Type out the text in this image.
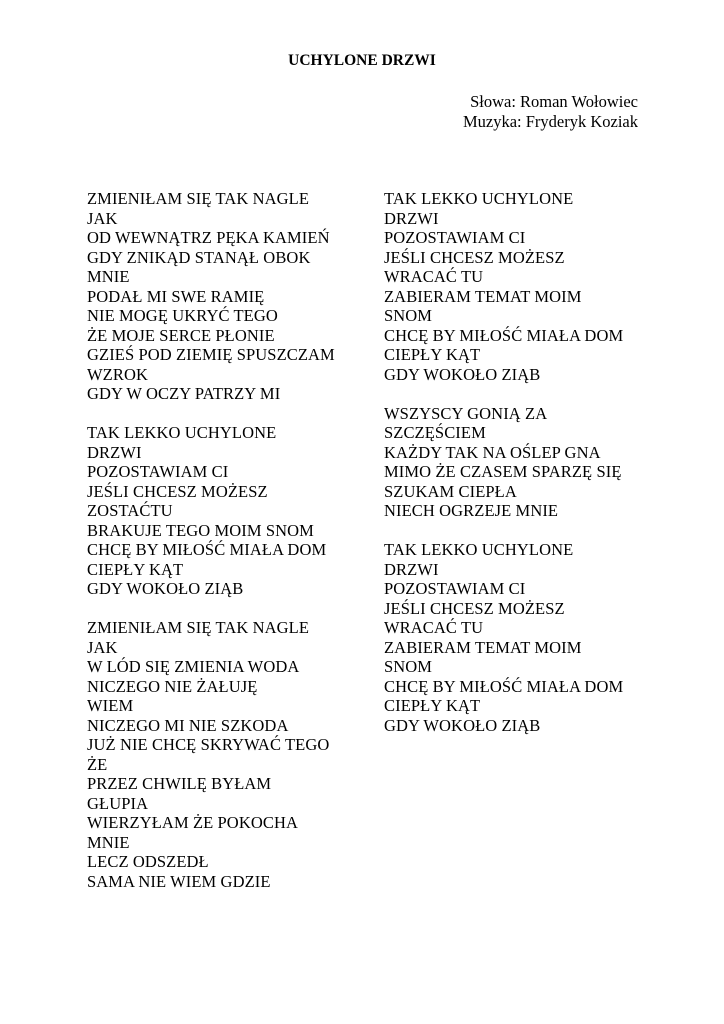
UCHYLONE DRZWI
Słowa: Roman Wołowiec
Muzyka: Fryderyk Koziak
ZMIENIŁAM SIĘ TAK NAGLE
JAK
OD WEWNĄTRZ PĘKA KAMIEŃ
GDY ZNIKĄD STANĄŁ OBOK
MNIE
PODAŁ MI SWE RAMIĘ
NIE MOGĘ UKRYĆ TEGO
ŻE MOJE SERCE PŁONIE
GZIEŚ POD ZIEMIĘ SPUSZCZAM
WZROK
GDY W OCZY PATRZY MI
TAK LEKKO UCHYLONE
DRZWI
POZOSTAWIAM CI
JEŚLI CHCESZ MOŻESZ
ZOSTAĆTU
BRAKUJE TEGO MOIM SNOM
CHCĘ BY MIŁOŚĆ MIAŁA DOM
CIEPŁY KĄT
GDY WOKOŁO ZIĄB
ZMIENIŁAM SIĘ TAK NAGLE
JAK
W LÓD SIĘ ZMIENIA WODA
NICZEGO NIE ŻAŁUJĘ
WIEM
NICZEGO MI NIE SZKODA
JUŻ NIE CHCĘ SKRYWAĆ TEGO
ŻE
PRZEZ CHWILĘ BYŁAM
GŁUPIA
WIERZYŁAM ŻE POKOCHA
MNIE
LECZ ODSZEDŁ
SAMA NIE WIEM GDZIE
TAK LEKKO UCHYLONE
DRZWI
POZOSTAWIAM CI
JEŚLI CHCESZ MOŻESZ
WRACAĆ TU
ZABIERAM TEMAT MOIM
SNOM
CHCĘ BY MIŁOŚĆ MIAŁA DOM
CIEPŁY KĄT
GDY WOKOŁO ZIĄB
WSZYSCY GONIĄ ZA
SZCZĘŚCIEM
KAŻDY TAK NA OŚLEP GNA
MIMO ŻE CZASEM SPARZĘ SIĘ
SZUKAM CIEPŁA
NIECH OGRZEJE MNIE
TAK LEKKO UCHYLONE
DRZWI
POZOSTAWIAM CI
JEŚLI CHCESZ MOŻESZ
WRACAĆ TU
ZABIERAM TEMAT MOIM
SNOM
CHCĘ BY MIŁOŚĆ MIAŁA DOM
CIEPŁY KĄT
GDY WOKOŁO ZIĄB
